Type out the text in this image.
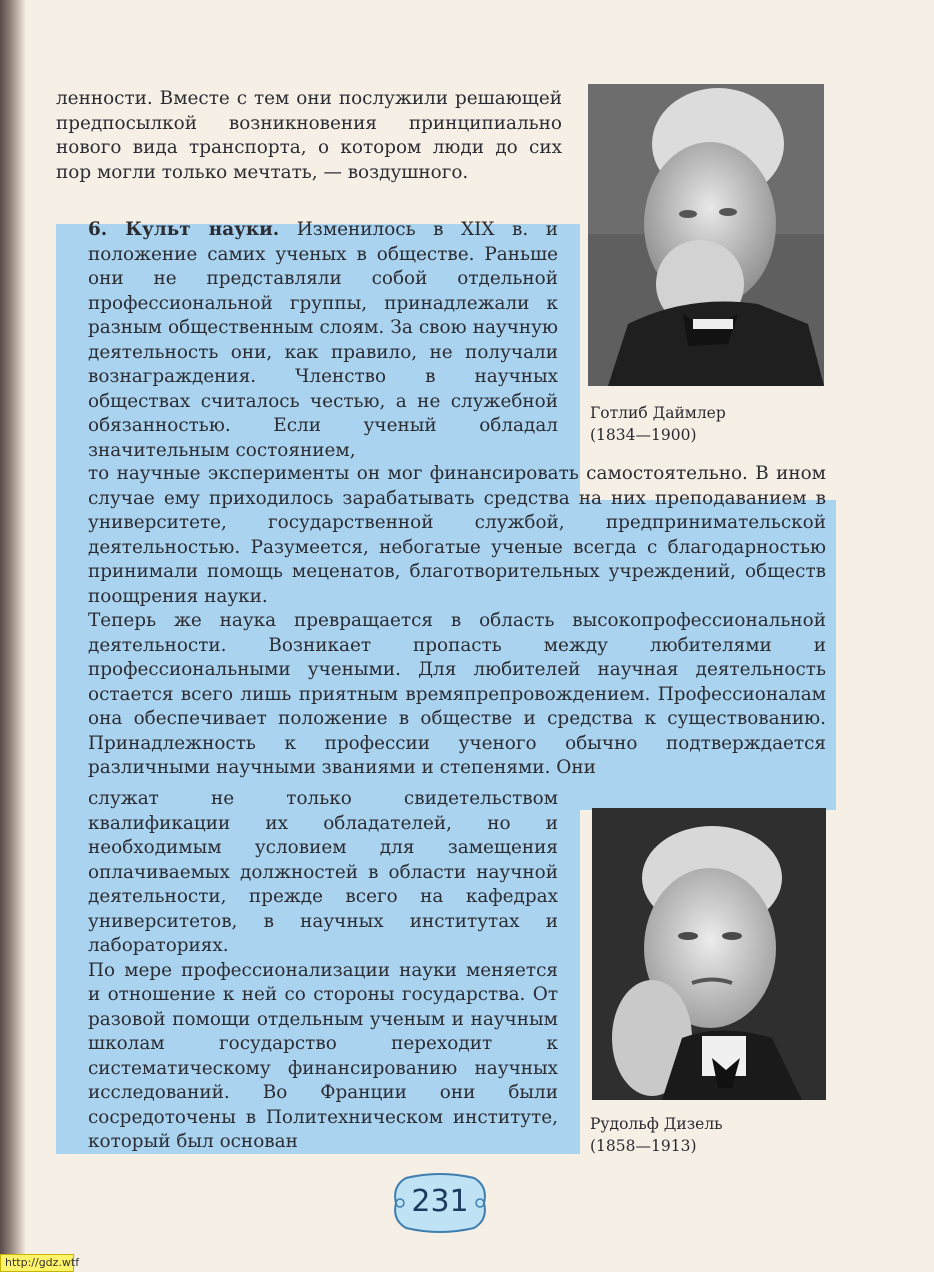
ленности. Вместе с тем они послужили решающей предпосылкой возникновения принципиально нового вида транспорта, о котором люди до сих пор могли только мечтать, — воздушного.

6. Культ науки. Изменилось в XIX в. и положение самих ученых в обществе. Раньше они не представляли собой отдельной профессиональной группы, принадлежали к разным общественным слоям. За свою научную деятельность они, как правило, не получали вознаграждения. Членство в научных обществах считалось честью, а не служебной обязанностью. Если ученый обладал значительным состоянием,

то научные эксперименты он мог финансировать самостоятельно. В ином случае ему приходилось зарабатывать средства на них преподаванием в университете, государственной службой, предпринимательской деятельностью. Разумеется, небогатые ученые всегда с благодарностью принимали помощь меценатов, благотворительных учреждений, обществ поощрения науки.

Теперь же наука превращается в область высокопрофессиональной деятельности. Возникает пропасть между любителями и профессиональными учеными. Для любителей научная деятельность остается всего лишь приятным времяпрепровождением. Профессионалам она обеспечивает положение в обществе и средства к существованию. Принадлежность к профессии ученого обычно подтверждается различными научными званиями и степенями. Они

служат не только свидетельством квалификации их обладателей, но и необходимым условием для замещения оплачиваемых должностей в области научной деятельности, прежде всего на кафедрах университетов, в научных институтах и лабораториях.

По мере профессионализации науки меняется и отношение к ней со стороны государства. От разовой помощи отдельным ученым и научным школам государство переходит к систематическому финансированию научных исследований. Во Франции они были сосредоточены в Политехническом институте, который был основан

Готлиб Даймлер
(1834—1900)
Рудольф Дизель
(1858—1913)
231
http://gdz.wtf
